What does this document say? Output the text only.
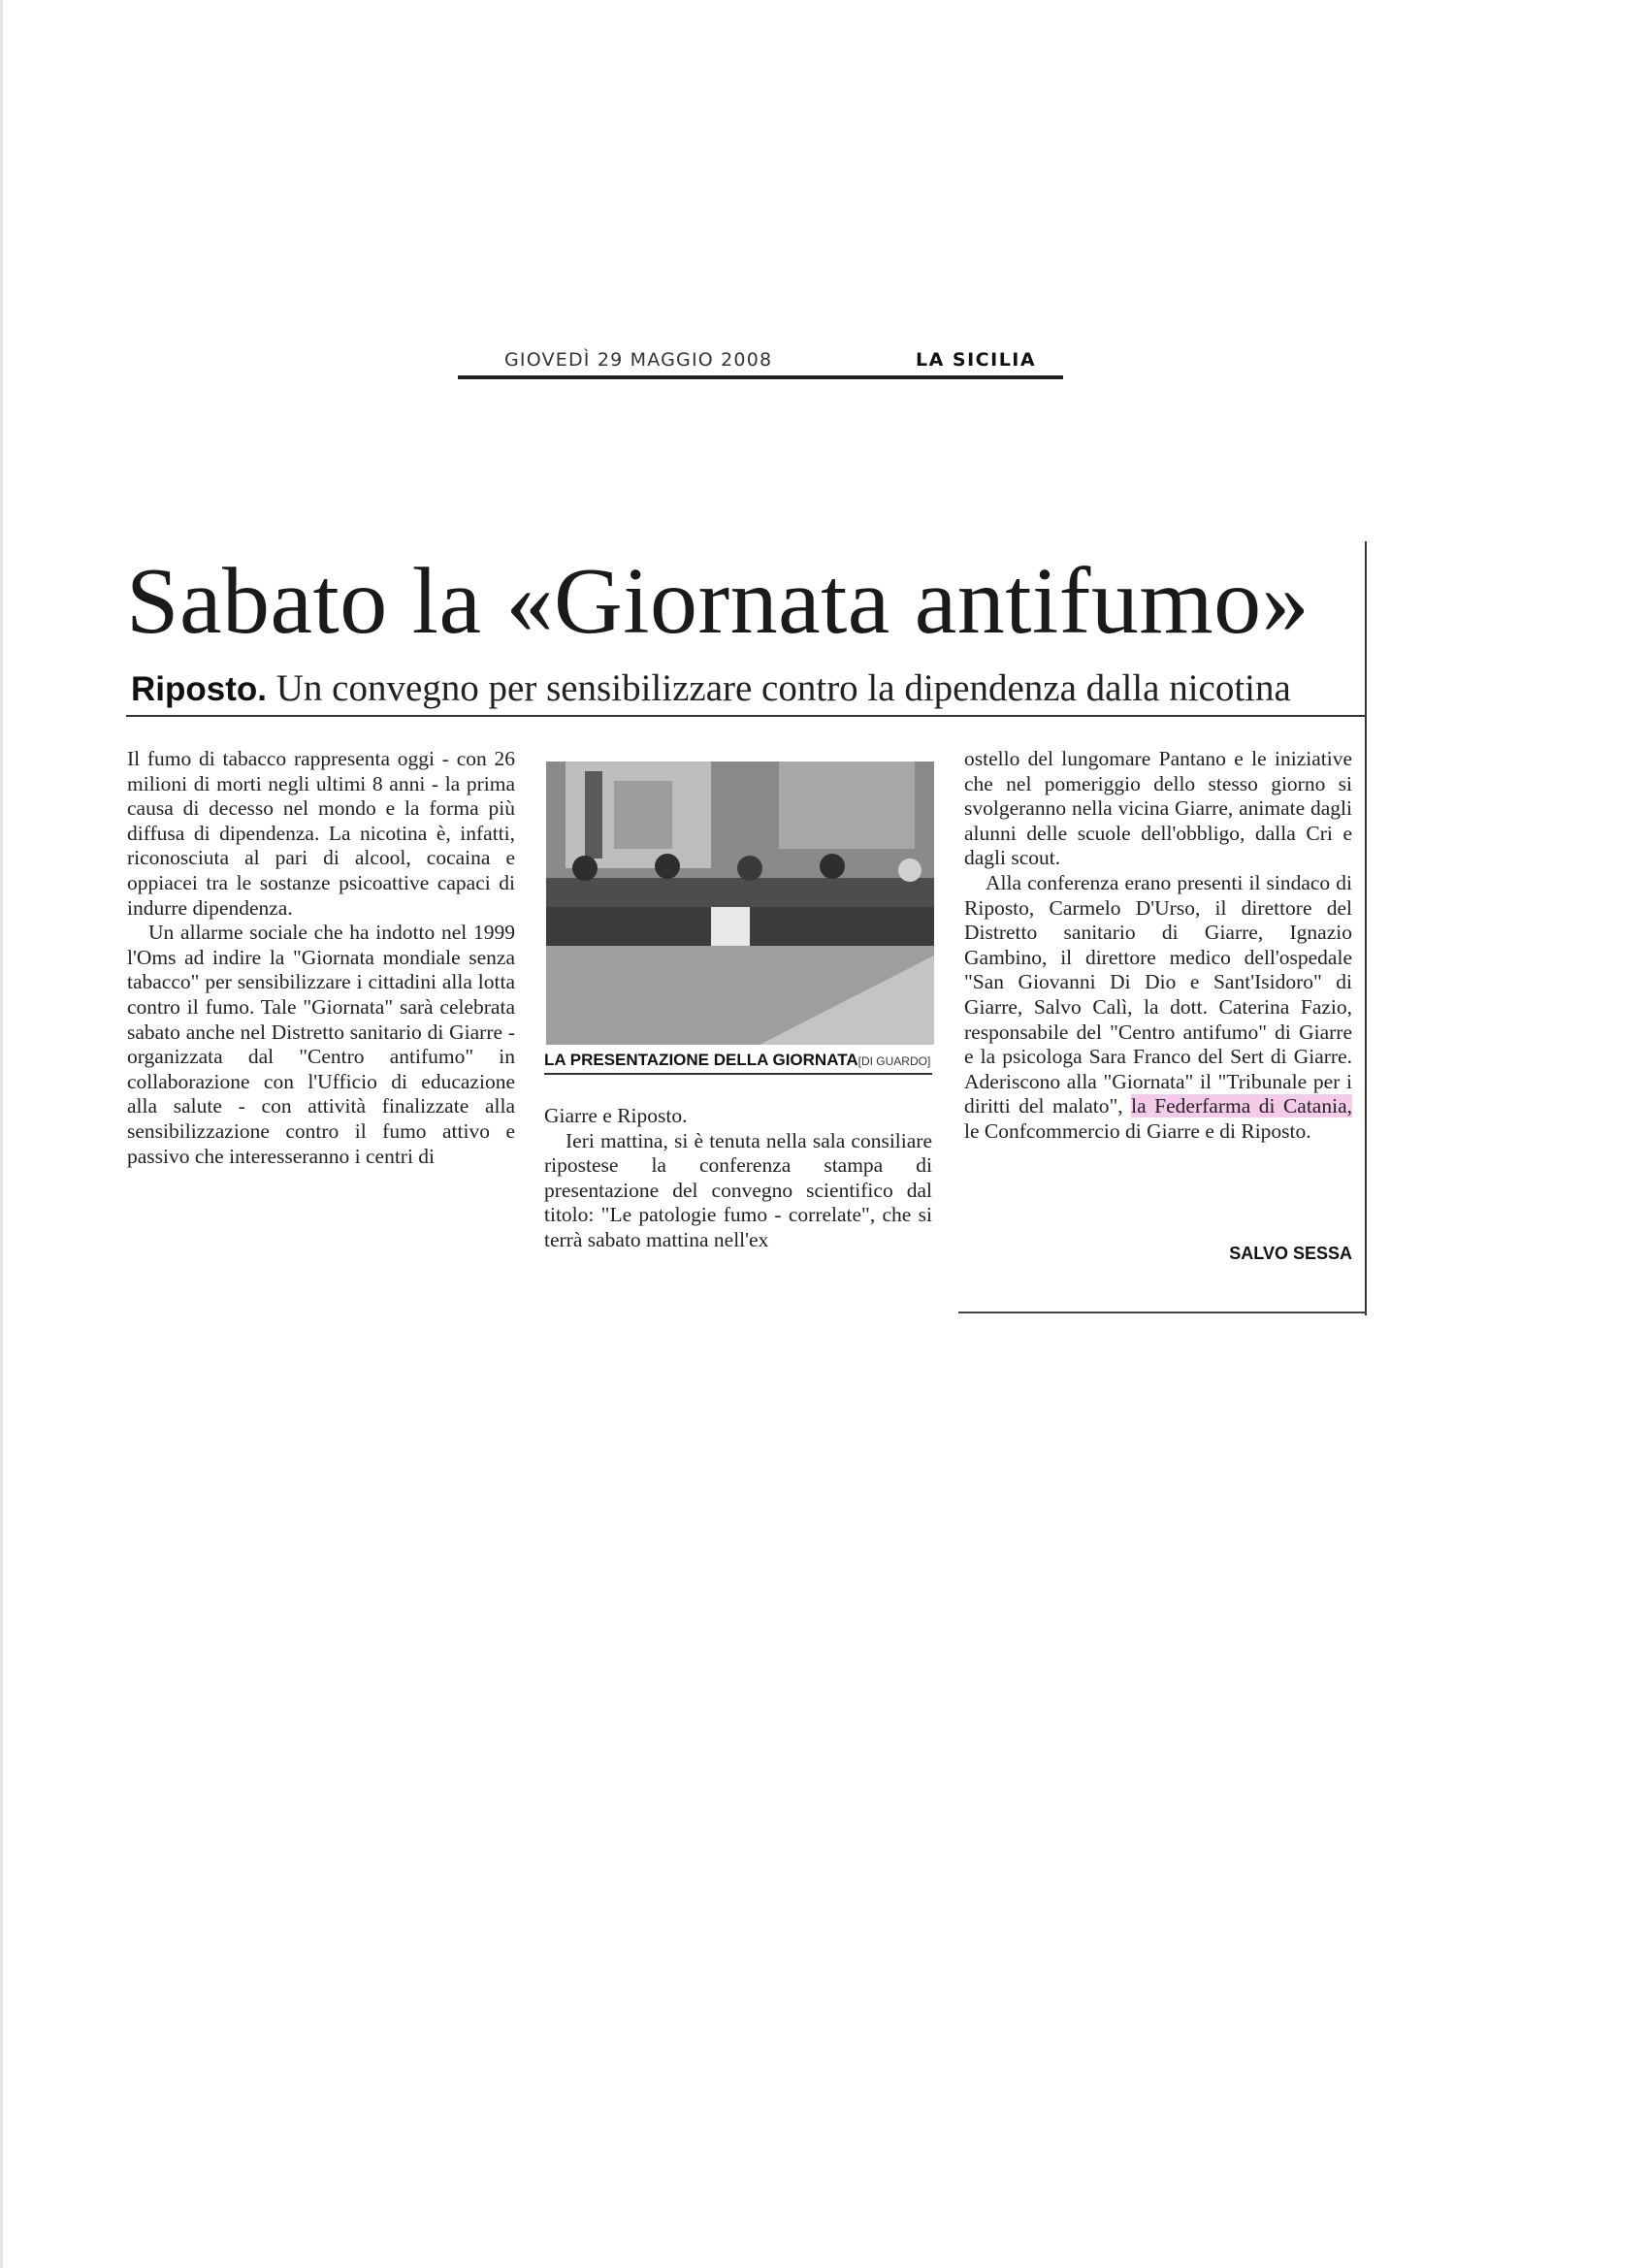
GIOVEDÌ 29 MAGGIO 2008	LA SICILIA
Sabato la «Giornata antifumo»
Riposto. Un convegno per sensibilizzare contro la dipendenza dalla nicotina

Il fumo di tabacco rappresenta oggi - con 26 milioni di morti negli ultimi 8 anni - la prima causa di decesso nel mondo e la forma più diffusa di dipendenza. La nicotina è, infatti, riconosciuta al pari di alcool, cocaina e oppiacei tra le sostanze psicoattive capaci di indurre dipendenza.

Un allarme sociale che ha indotto nel 1999 l'Oms ad indire la "Giornata mondiale senza tabacco" per sensibilizzare i cittadini alla lotta contro il fumo. Tale "Giornata" sarà celebrata sabato anche nel Distretto sanitario di Giarre - organizzata dal "Centro antifumo" in collaborazione con l'Ufficio di educazione alla salute - con attività finalizzate alla sensibilizzazione contro il fumo attivo e passivo che interesseranno i centri di

LA PRESENTAZIONE DELLA GIORNATA[DI GUARDO]

Giarre e Riposto.

Ieri mattina, si è tenuta nella sala consiliare ripostese la conferenza stampa di presentazione del convegno scientifico dal titolo: "Le patologie fumo - correlate", che si terrà sabato mattina nell'ex

ostello del lungomare Pantano e le iniziative che nel pomeriggio dello stesso giorno si svolgeranno nella vicina Giarre, animate dagli alunni delle scuole dell'obbligo, dalla Cri e dagli scout.

Alla conferenza erano presenti il sindaco di Riposto, Carmelo D'Urso, il direttore del Distretto sanitario di Giarre, Ignazio Gambino, il direttore medico dell'ospedale "San Giovanni Di Dio e Sant'Isidoro" di Giarre, Salvo Calì, la dott. Caterina Fazio, responsabile del "Centro antifumo" di Giarre e la psicologa Sara Franco del Sert di Giarre. Aderiscono alla "Giornata" il "Tribunale per i diritti del malato", la Federfarma di Catania, le Confcommercio di Giarre e di Riposto.

SALVO SESSA
